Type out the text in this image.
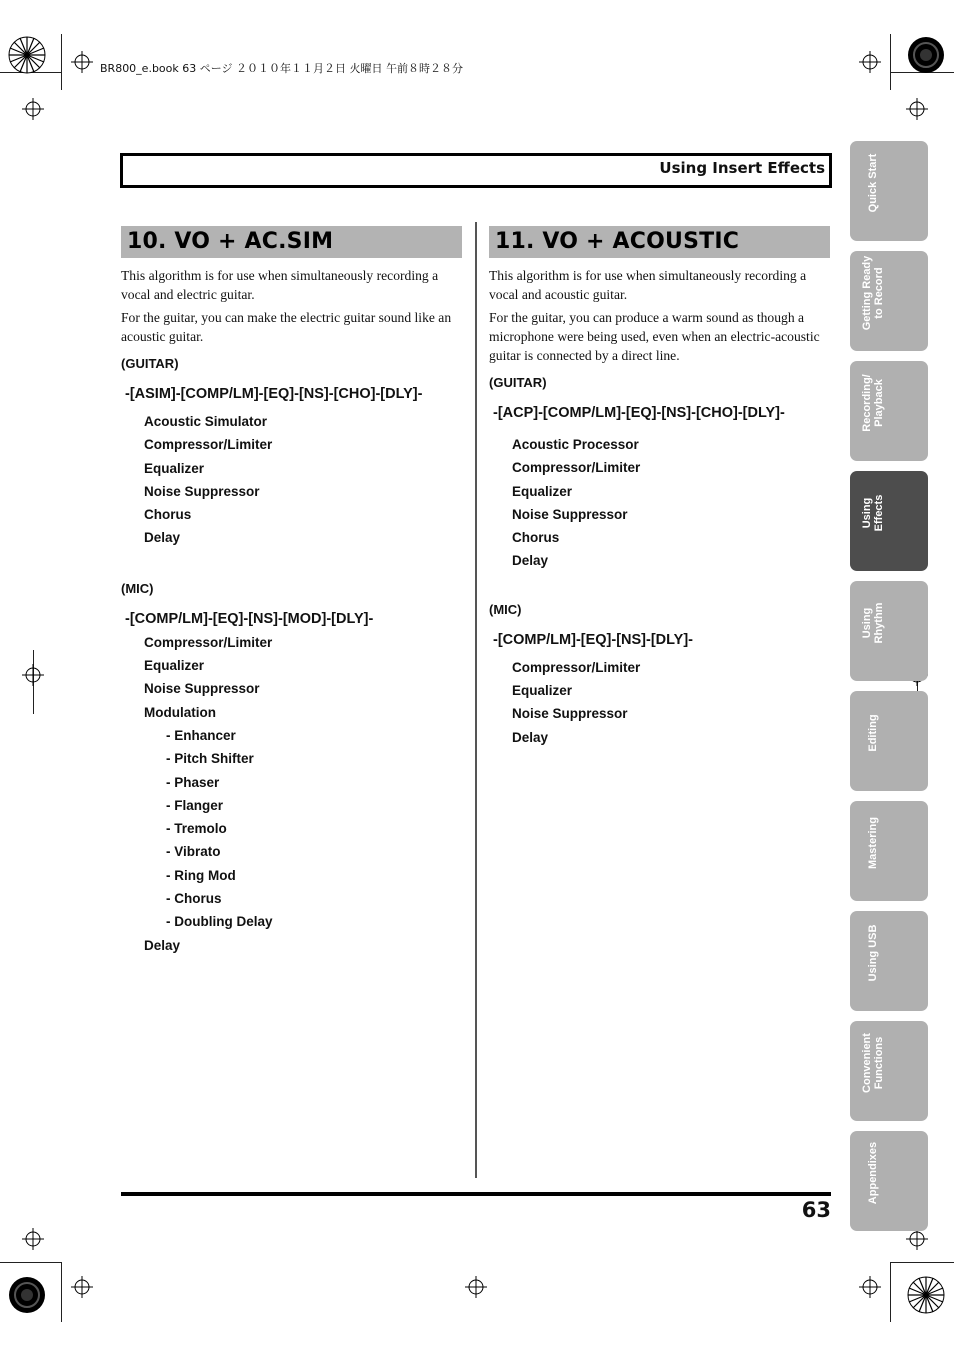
BR800_e.book 63 ページ ２０１０年１１月２日 火曜日 午前８時２８分
Using Insert Effects
10. VO + AC.SIM

This algorithm is for use when simultaneously recording a vocal and electric guitar.

For the guitar, you can make the electric guitar sound like an acoustic guitar.

(GUITAR)
-[ASIM]-[COMP/LM]-[EQ]-[NS]-[CHO]-[DLY]-
Acoustic Simulator
Compressor/Limiter
Equalizer
Noise Suppressor
Chorus
Delay
(MIC)
-[COMP/LM]-[EQ]-[NS]-[MOD]-[DLY]-
Compressor/Limiter
Equalizer
Noise Suppressor
Modulation
- Enhancer
- Pitch Shifter
- Phaser
- Flanger
- Tremolo
- Vibrato
- Ring Mod
- Chorus
- Doubling Delay
Delay
11. VO + ACOUSTIC

This algorithm is for use when simultaneously recording a vocal and acoustic guitar.

For the guitar, you can produce a warm sound as though a microphone were being used, even when an electric-acoustic guitar is connected by a direct line.

(GUITAR)
-[ACP]-[COMP/LM]-[EQ]-[NS]-[CHO]-[DLY]-
Acoustic Processor
Compressor/Limiter
Equalizer
Noise Suppressor
Chorus
Delay
(MIC)
-[COMP/LM]-[EQ]-[NS]-[DLY]-
Compressor/Limiter
Equalizer
Noise Suppressor
Delay
Quick Start
Getting Ready
to Record
Recording/
Playback
Using
Effects
Using
Rhythm
Editing
Mastering
Using USB
Convenient
Functions
Appendixes
63
